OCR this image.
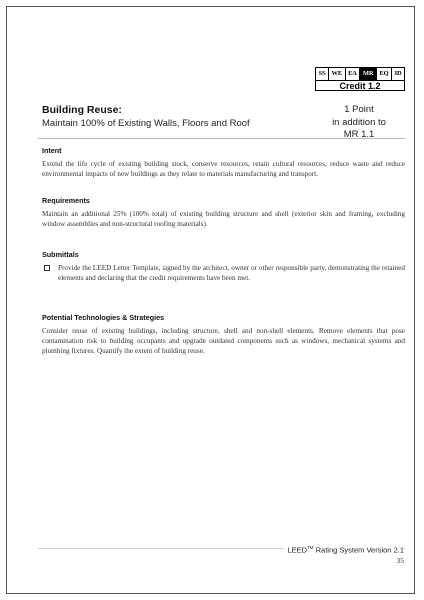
SS WE EA MR EQ ID
Credit 1.2
Building Reuse:
Maintain 100% of Existing Walls, Floors and Roof
1 Point
in addition to
MR 1.1
Intent

Extend the life cycle of existing building stock, conserve resources, retain cultural resources, reduce waste and reduce environmental impacts of new buildings as they relate to materials manufacturing and transport.

Requirements

Maintain an additional 25% (100% total) of existing building structure and shell (exterior skin and framing, excluding window assemblies and non-structural roofing materials).

Submittals

Provide the LEED Letter Template, signed by the architect, owner or other responsible party, demonstrating the retained elements and declaring that the credit requirements have been met.

Potential Technologies & Strategies

Consider reuse of existing buildings, including structure, shell and non-shell elements. Remove elements that pose contamination risk to building occupants and upgrade outdated components such as windows, mechanical systems and plumbing fixtures. Quantify the extent of building reuse.

LEED™ Rating System Version 2.1
35
